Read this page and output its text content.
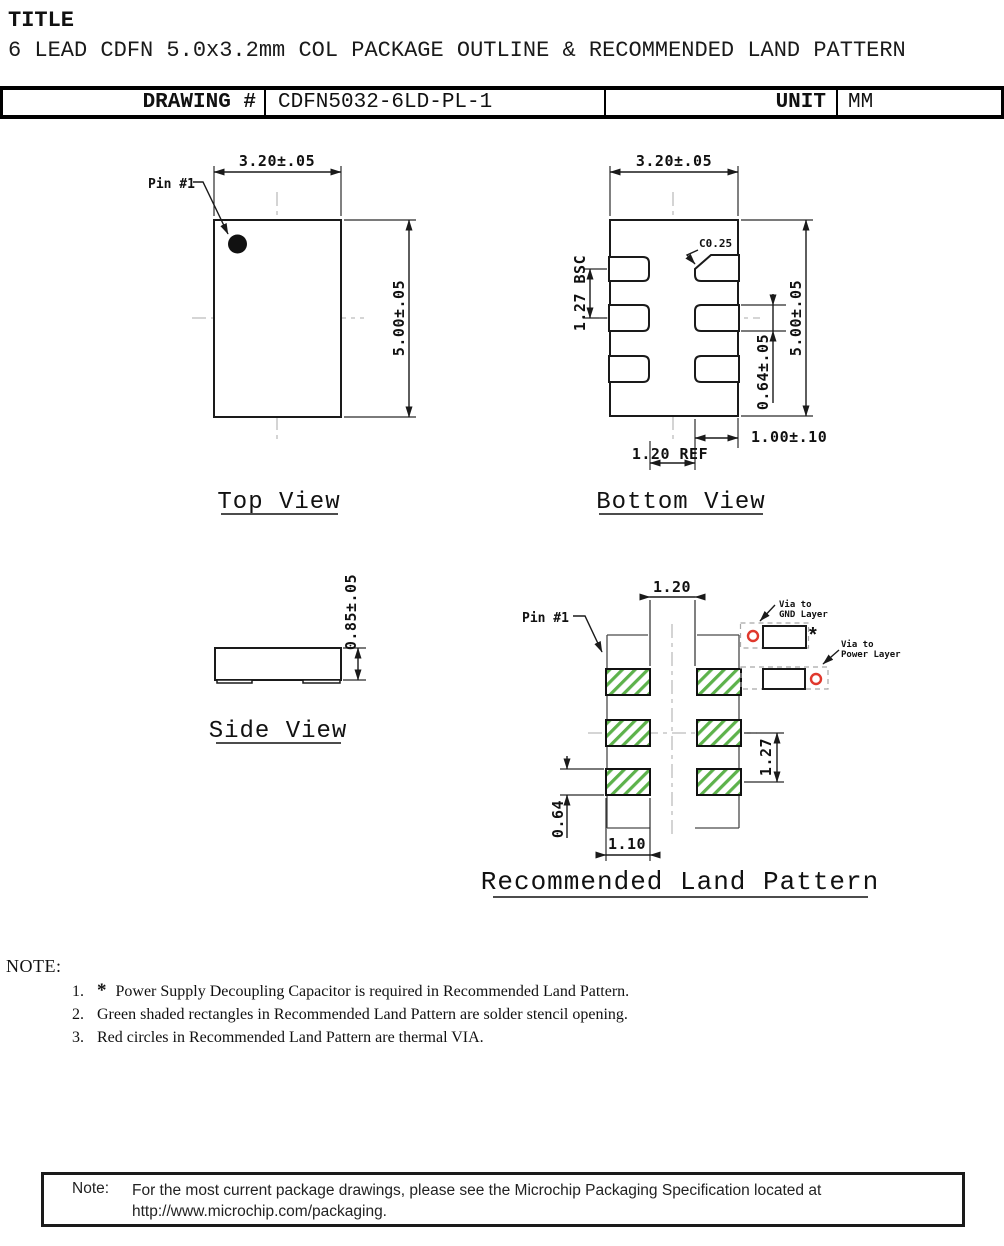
TITLE
6 LEAD CDFN 5.0x3.2mm COL PACKAGE OUTLINE & RECOMMENDED LAND PATTERN
DRAWING #	CDFN5032-6LD-PL-1	UNIT	MM
3.20±.05
5.00±.05
Pin #1
Top View
C0.25
3.20±.05
5.00±.05
1.27 BSC
0.64±.05
1.00±.10
1.20 REF
Bottom View
0.85±.05
Side View
1.20
Pin #1
1.27
0.64
1.10
*
Via to
GND Layer
Via to
Power Layer
Recommended Land Pattern
NOTE:
1. * Power Supply Decoupling Capacitor is required in Recommended Land Pattern.
2. Green shaded rectangles in Recommended Land Pattern are solder stencil opening.
3. Red circles in Recommended Land Pattern are thermal VIA.
Note:	For the most current package drawings, please see the Microchip Packaging Specification located at
http://www.microchip.com/packaging.
